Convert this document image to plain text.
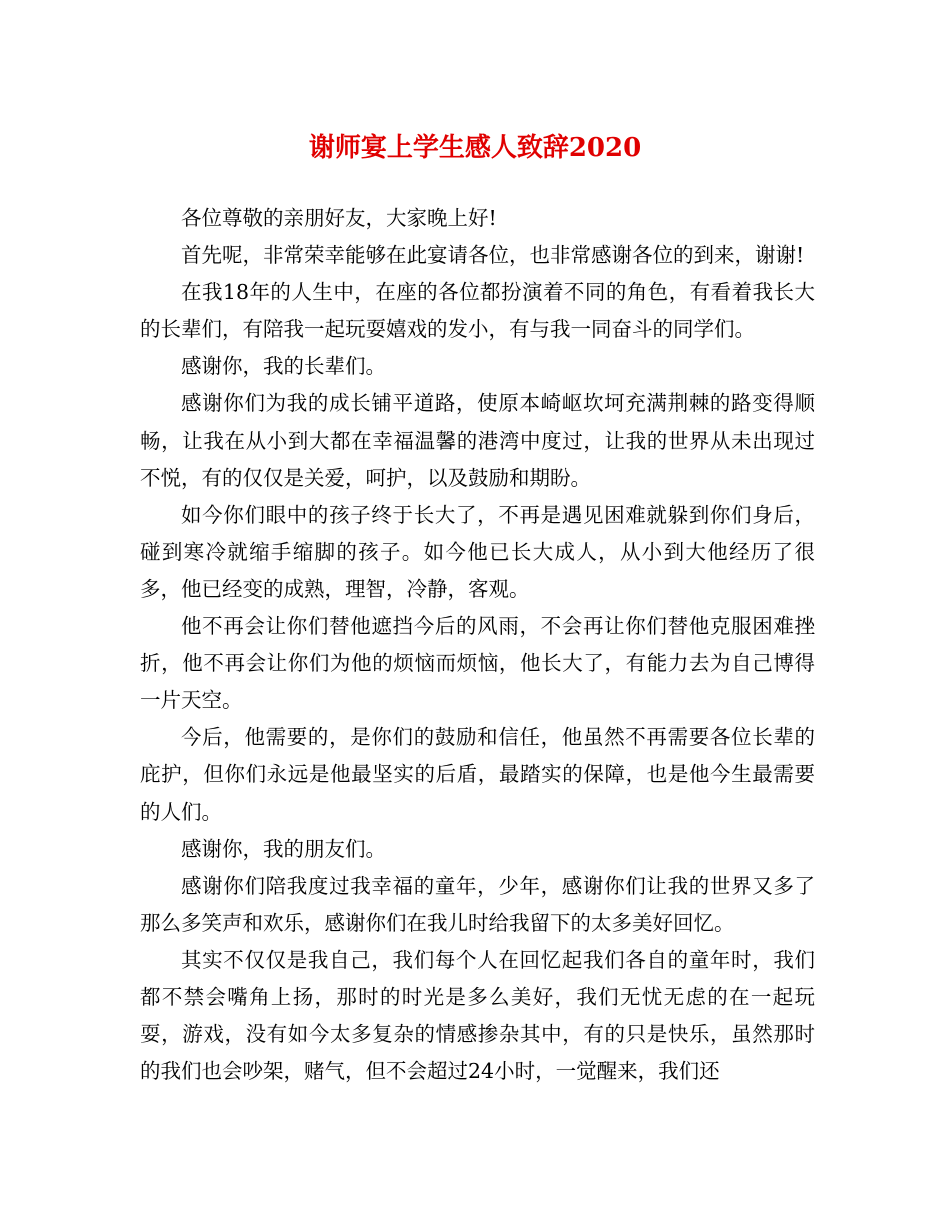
谢师宴上学生感人致辞2020

各位尊敬的亲朋好友，大家晚上好!

首先呢，非常荣幸能够在此宴请各位，也非常感谢各位的到来，谢谢!

在我18年的人生中，在座的各位都扮演着不同的角色，有看着我长大的长辈们，有陪我一起玩耍嬉戏的发小，有与我一同奋斗的同学们。

感谢你，我的长辈们。

感谢你们为我的成长铺平道路，使原本崎岖坎坷充满荆棘的路变得顺畅，让我在从小到大都在幸福温馨的港湾中度过，让我的世界从未出现过不悦，有的仅仅是关爱，呵护，以及鼓励和期盼。

如今你们眼中的孩子终于长大了，不再是遇见困难就躲到你们身后，碰到寒冷就缩手缩脚的孩子。如今他已长大成人，从小到大他经历了很多，他已经变的成熟，理智，冷静，客观。

他不再会让你们替他遮挡今后的风雨，不会再让你们替他克服困难挫折，他不再会让你们为他的烦恼而烦恼，他长大了，有能力去为自己博得一片天空。

今后，他需要的，是你们的鼓励和信任，他虽然不再需要各位长辈的庇护，但你们永远是他最坚实的后盾，最踏实的保障，也是他今生最需要的人们。

感谢你，我的朋友们。

感谢你们陪我度过我幸福的童年，少年，感谢你们让我的世界又多了那么多笑声和欢乐，感谢你们在我儿时给我留下的太多美好回忆。

其实不仅仅是我自己，我们每个人在回忆起我们各自的童年时，我们都不禁会嘴角上扬，那时的时光是多么美好，我们无忧无虑的在一起玩耍，游戏，没有如今太多复杂的情感掺杂其中，有的只是快乐，虽然那时的我们也会吵架，赌气，但不会超过24小时，一觉醒来，我们还
